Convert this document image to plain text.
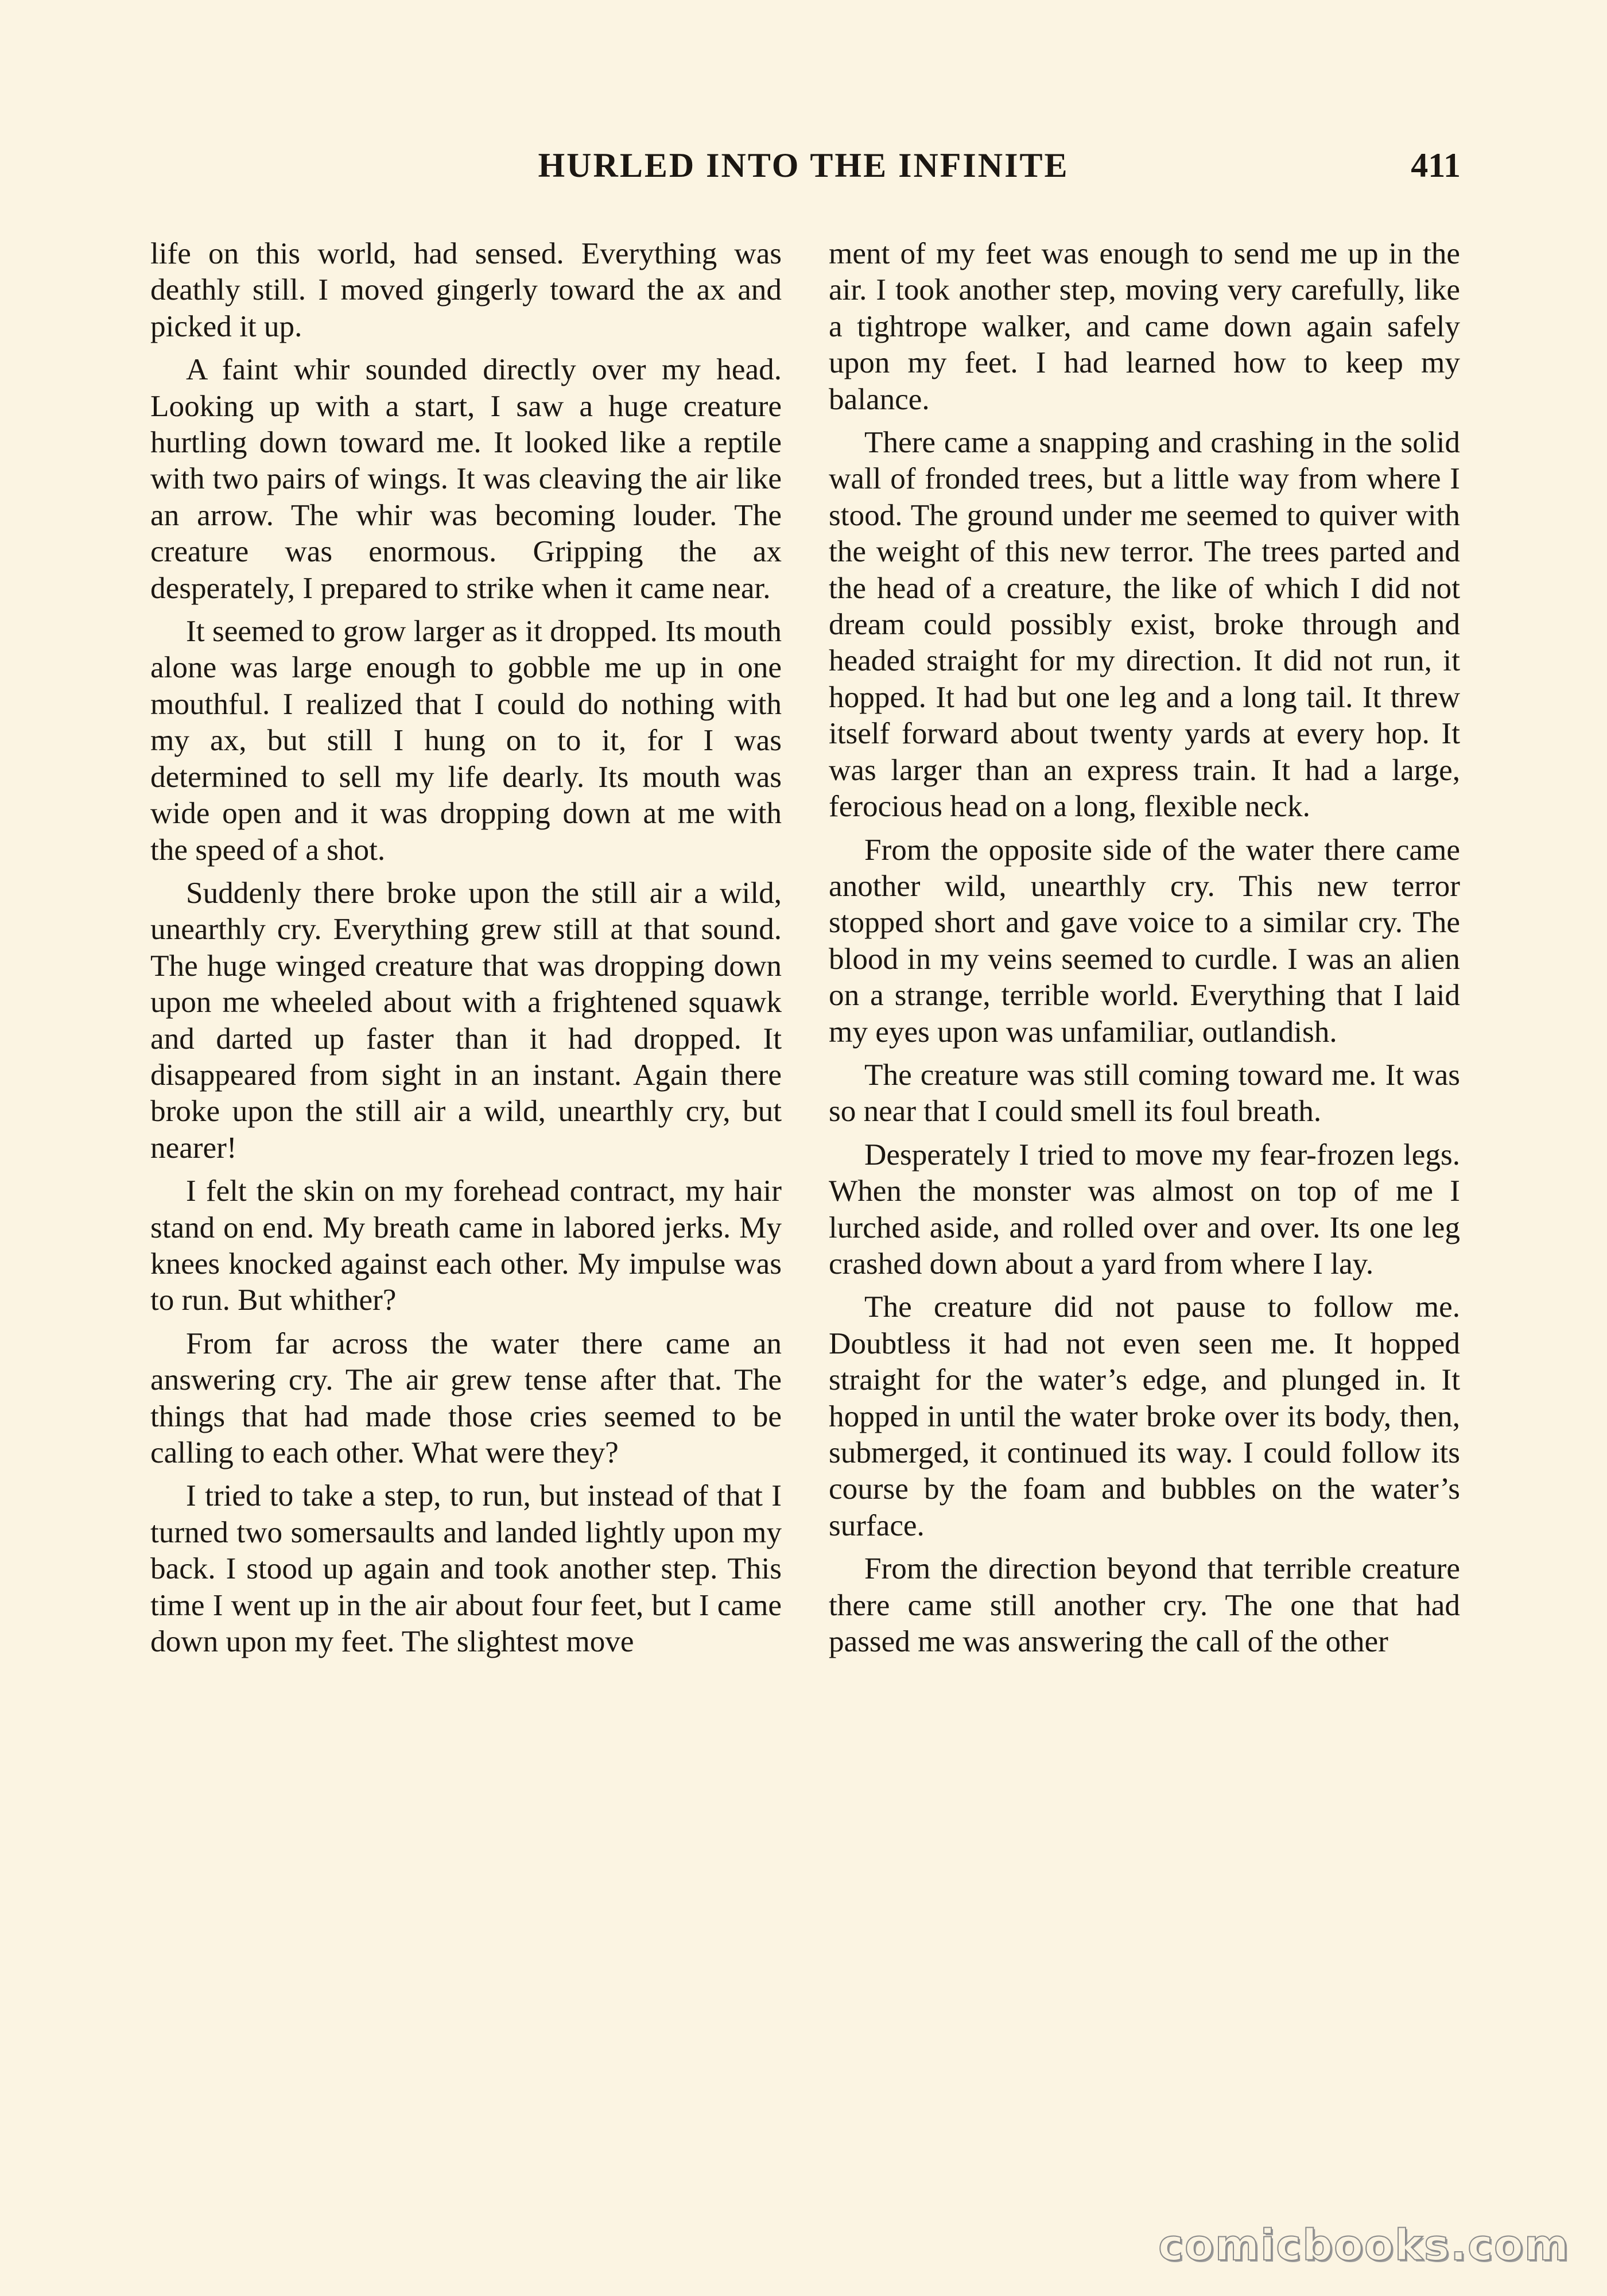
HURLED INTO THE INFINITE	411

life on this world, had sensed. Everything was deathly still. I moved gingerly toward the ax and picked it up.

A faint whir sounded directly over my head. Looking up with a start, I saw a huge creature hurtling down toward me. It looked like a reptile with two pairs of wings. It was cleaving the air like an arrow. The whir was becoming louder. The creature was enormous. Gripping the ax desperately, I prepared to strike when it came near.

It seemed to grow larger as it dropped. Its mouth alone was large enough to gobble me up in one mouthful. I realized that I could do nothing with my ax, but still I hung on to it, for I was determined to sell my life dearly. Its mouth was wide open and it was dropping down at me with the speed of a shot.

Suddenly there broke upon the still air a wild, unearthly cry. Everything grew still at that sound. The huge winged creature that was dropping down upon me wheeled about with a frightened squawk and darted up faster than it had dropped. It disappeared from sight in an instant. Again there broke upon the still air a wild, unearthly cry, but nearer!

I felt the skin on my forehead contract, my hair stand on end. My breath came in labored jerks. My knees knocked against each other. My impulse was to run. But whither?

From far across the water there came an answering cry. The air grew tense after that. The things that had made those cries seemed to be calling to each other. What were they?

I tried to take a step, to run, but instead of that I turned two somersaults and landed lightly upon my back. I stood up again and took another step. This time I went up in the air about four feet, but I came down upon my feet. The slightest move

ment of my feet was enough to send me up in the air. I took another step, moving very carefully, like a tightrope walker, and came down again safely upon my feet. I had learned how to keep my balance.

There came a snapping and crashing in the solid wall of fronded trees, but a little way from where I stood. The ground under me seemed to quiver with the weight of this new terror. The trees parted and the head of a creature, the like of which I did not dream could possibly exist, broke through and headed straight for my direction. It did not run, it hopped. It had but one leg and a long tail. It threw itself forward about twenty yards at every hop. It was larger than an express train. It had a large, ferocious head on a long, flexible neck.

From the opposite side of the water there came another wild, unearthly cry. This new terror stopped short and gave voice to a similar cry. The blood in my veins seemed to curdle. I was an alien on a strange, terrible world. Everything that I laid my eyes upon was unfamiliar, outlandish.

The creature was still coming toward me. It was so near that I could smell its foul breath.

Desperately I tried to move my fear-frozen legs. When the monster was almost on top of me I lurched aside, and rolled over and over. Its one leg crashed down about a yard from where I lay.

The creature did not pause to follow me. Doubtless it had not even seen me. It hopped straight for the water’s edge, and plunged in. It hopped in until the water broke over its body, then, submerged, it continued its way. I could follow its course by the foam and bubbles on the water’s surface.

From the direction beyond that terrible creature there came still another cry. The one that had passed me was answering the call of the other

comicbooks.com
